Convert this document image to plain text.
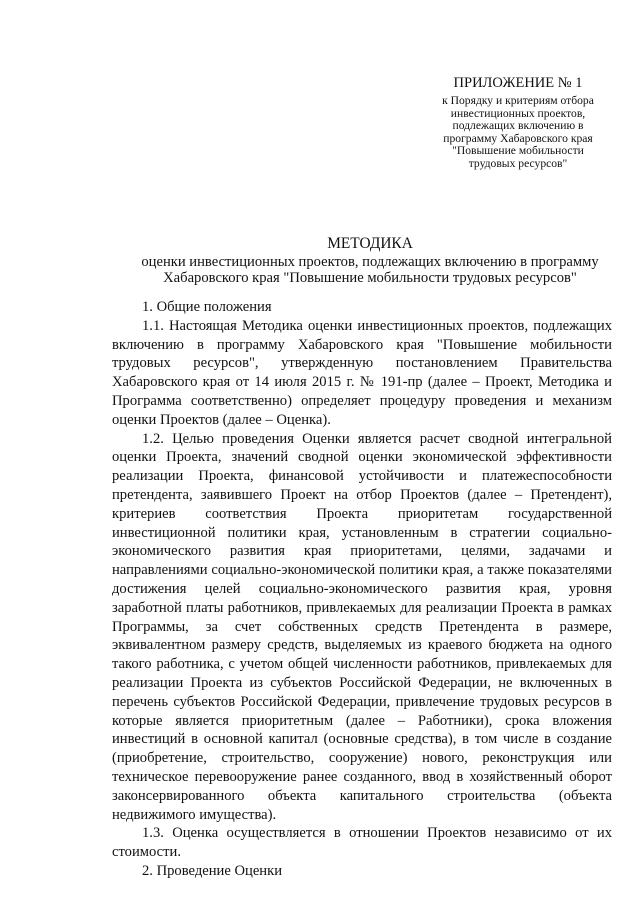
ПРИЛОЖЕНИЕ № 1
к Порядку и критериям отбора
инвестиционных проектов,
подлежащих включению в
программу Хабаровского края
"Повышение мобильности
трудовых ресурсов"
МЕТОДИКА
оценки инвестиционных проектов, подлежащих включению в программу
Хабаровского края "Повышение мобильности трудовых ресурсов"

1. Общие положения

1.1. Настоящая Методика оценки инвестиционных проектов, подлежащих включению в программу Хабаровского края "Повышение мобильности трудовых ресурсов", утвержденную постановлением Правительства Хабаровского края от 14 июля 2015 г. № 191-пр (далее – Проект, Методика и Программа соответственно) определяет процедуру проведения и механизм оценки Проектов (далее – Оценка).

1.2. Целью проведения Оценки является расчет сводной интегральной оценки Проекта, значений сводной оценки экономической эффективности реализации Проекта, финансовой устойчивости и платежеспособности претендента, заявившего Проект на отбор Проектов (далее – Претендент), критериев соответствия Проекта приоритетам государственной инвестиционной политики края, установленным в стратегии социально-экономического развития края приоритетами, целями, задачами и направлениями социально-экономической политики края, а также показателями достижения целей социально-экономического развития края, уровня заработной платы работников, привлекаемых для реализации Проекта в рамках Программы, за счет собственных средств Претендента в размере, эквивалентном размеру средств, выделяемых из краевого бюджета на одного такого работника, с учетом общей численности работников, привлекаемых для реализации Проекта из субъектов Российской Федерации, не включенных в перечень субъектов Российской Федерации, привлечение трудовых ресурсов в которые является приоритетным (далее – Работники), срока вложения инвестиций в основной капитал (основные средства), в том числе в создание (приобретение, строительство, сооружение) нового, реконструкция или техническое перевооружение ранее созданного, ввод в хозяйственный оборот законсервированного объекта капитального строительства (объекта недвижимого имущества).

1.3. Оценка осуществляется в отношении Проектов независимо от их стоимости.

2. Проведение Оценки
